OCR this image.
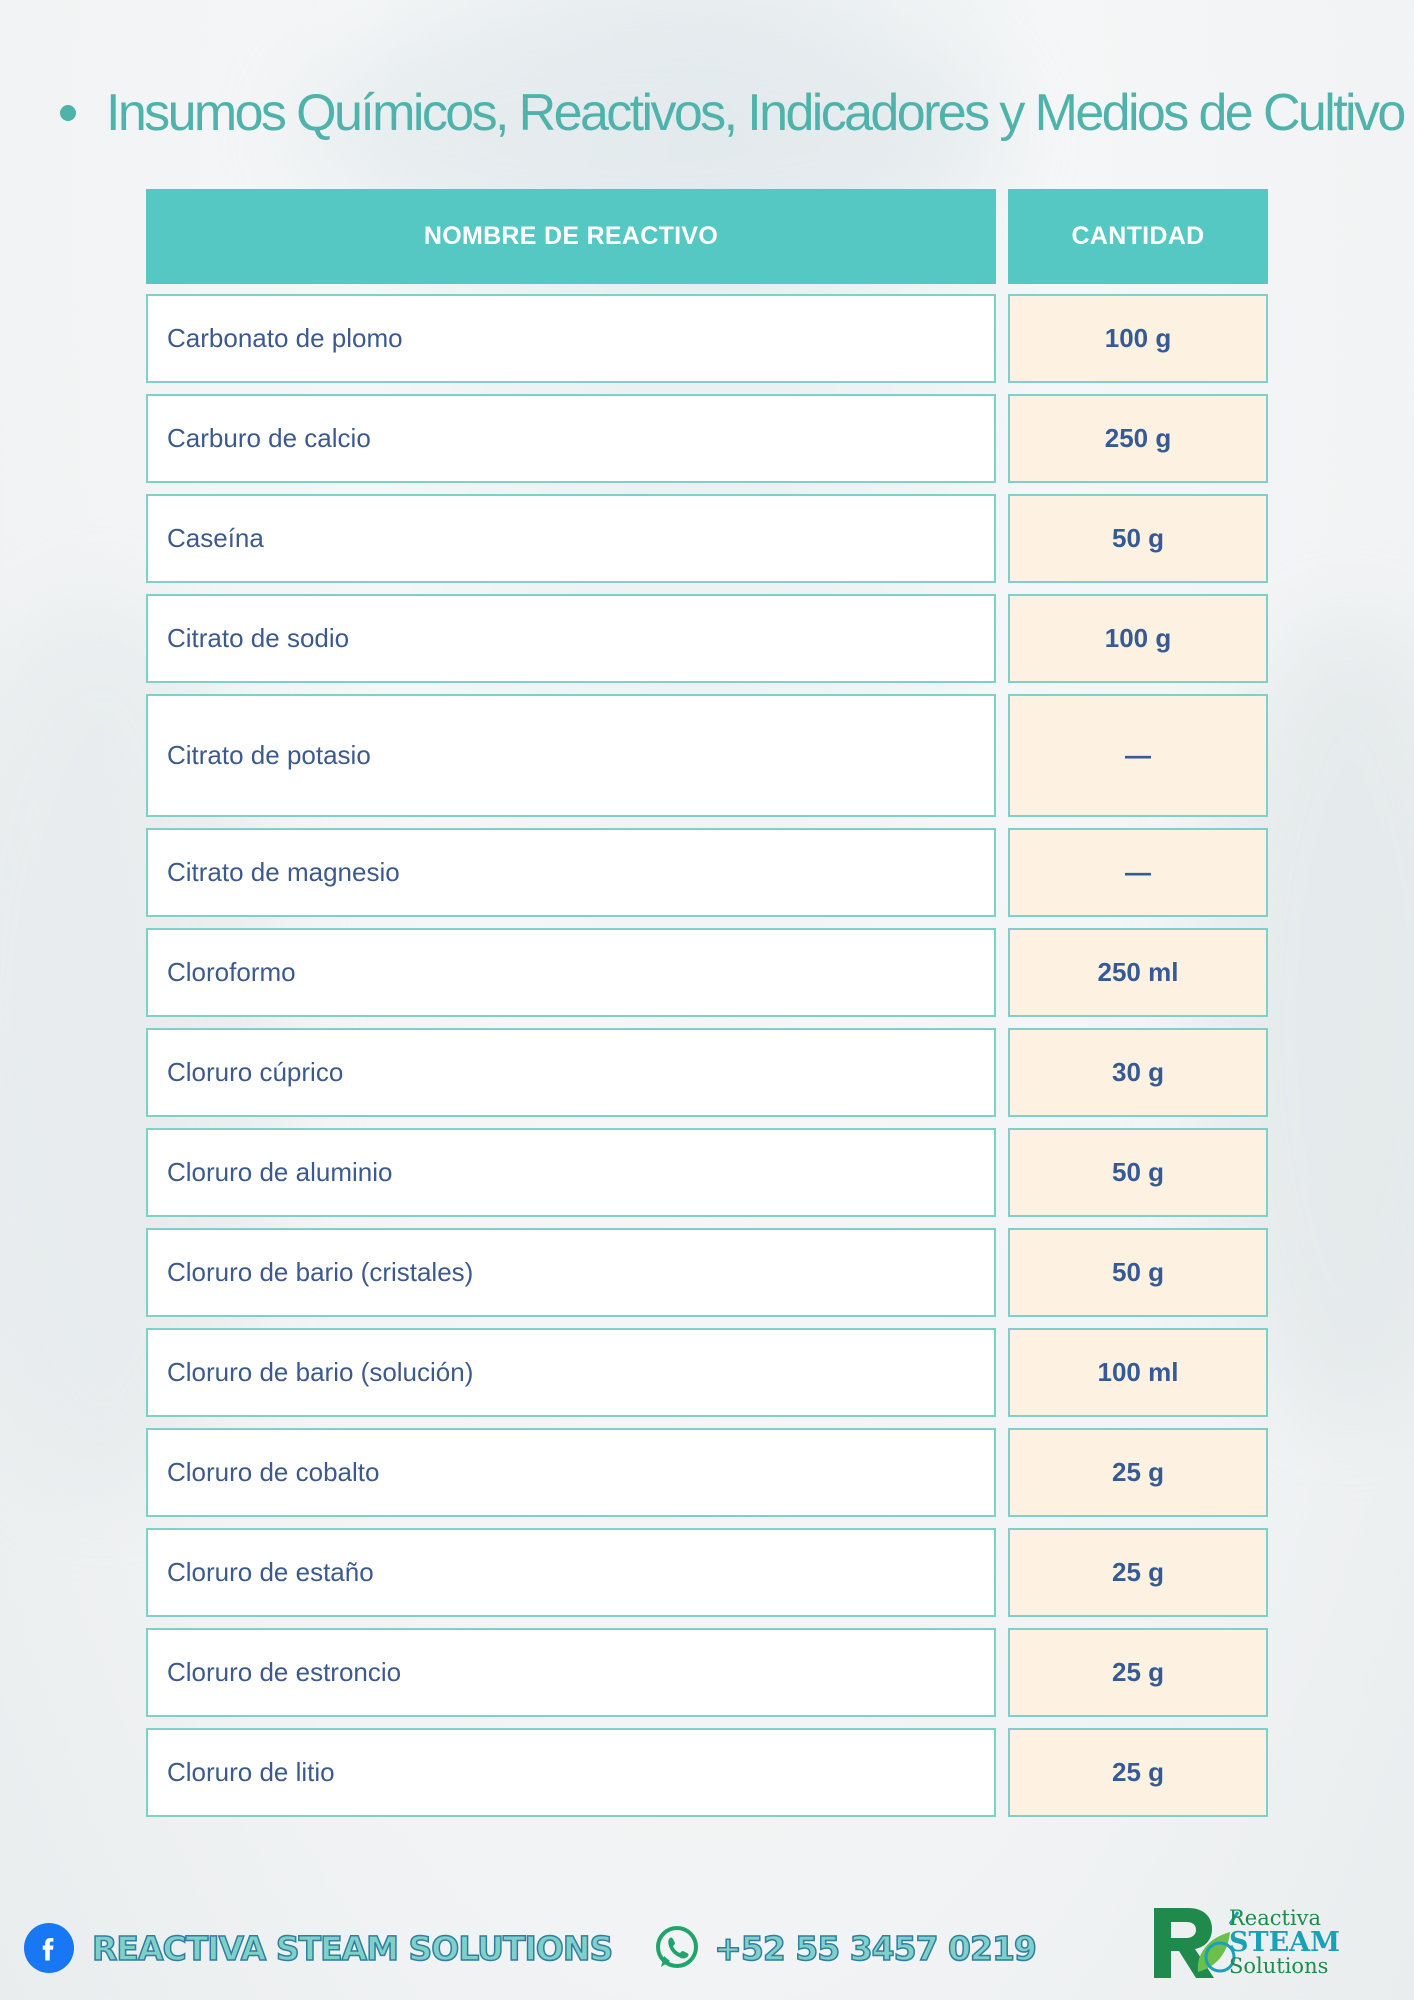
Insumos Químicos, Reactivos, Indicadores y Medios de Cultivo
NOMBRE DE REACTIVO	CANTIDAD
Carbonato de plomo	100 g
Carburo de calcio	250 g
Caseína	50 g
Citrato de sodio	100 g
Citrato de potasio	—
Citrato de magnesio	—
Cloroformo	250 ml
Cloruro cúprico	30 g
Cloruro de aluminio	50 g
Cloruro de bario (cristales)	50 g
Cloruro de bario (solución)	100 ml
Cloruro de cobalto	25 g
Cloruro de estaño	25 g
Cloruro de estroncio	25 g
Cloruro de litio	25 g
REACTIVA STEAM SOLUTIONS	+52 55 3457 0219
Reactiva
STEAM
Solutions
